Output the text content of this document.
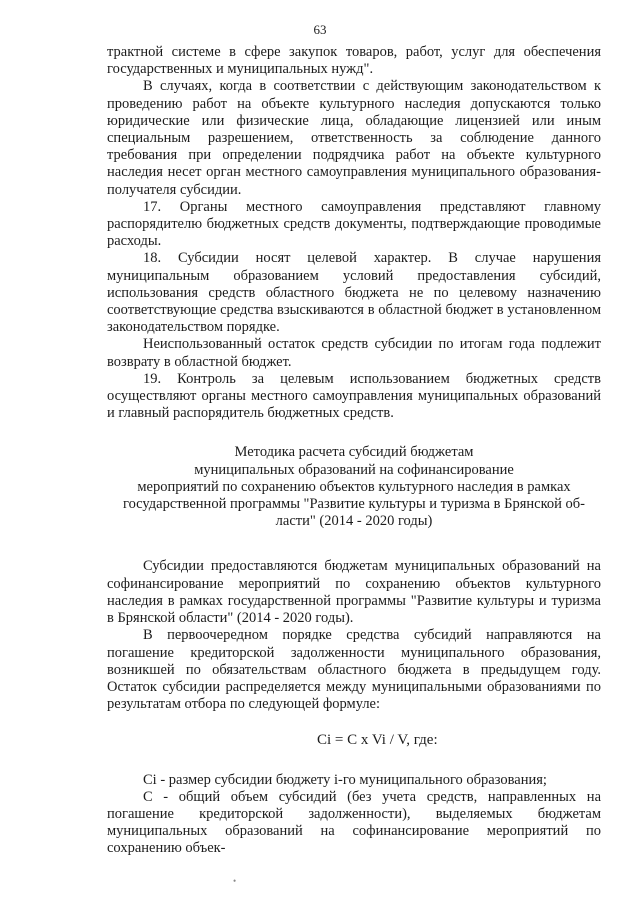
63

трактной системе в сфере закупок товаров, работ, услуг для обеспечения государственных и муниципальных нужд".

В случаях, когда в соответствии с действующим законодательством к проведению работ на объекте культурного наследия допускаются только юридические или физические лица, обладающие лицензией или иным специальным разрешением, ответственность за соблюдение данного требования при определении подрядчика работ на объекте культурного наследия несет орган местного самоуправления муниципального образования-получателя субсидии.

17. Органы местного самоуправления представляют главному распорядителю бюджетных средств документы, подтверждающие проводимые расходы.

18. Субсидии носят целевой характер. В случае нарушения муниципальным образованием условий предоставления субсидий, использования средств областного бюджета не по целевому назначению соответствующие средства взыскиваются в областной бюджет в установленном законодательством порядке.

Неиспользованный остаток средств субсидии по итогам года подлежит возврату в областной бюджет.

19. Контроль за целевым использованием бюджетных средств осуществляют органы местного самоуправления муниципальных образований и главный распорядитель бюджетных средств.

Методика расчета субсидий бюджетам
муниципальных образований на софинансирование
мероприятий по сохранению объектов культурного наследия в рамках
государственной программы "Развитие культуры и туризма в Брянской об-
ласти" (2014 - 2020 годы)

Субсидии предоставляются бюджетам муниципальных образований на софинансирование мероприятий по сохранению объектов культурного наследия в рамках государственной программы "Развитие культуры и туризма в Брянской области" (2014 - 2020 годы).

В первоочередном порядке средства субсидий направляются на погашение кредиторской задолженности муниципального образования, возникшей по обязательствам областного бюджета в предыдущем году. Остаток субсидии распределяется между муниципальными образованиями по результатам отбора по следующей формуле:

Ci = C x Vi / V, где:

Ci - размер субсидии бюджету i-го муниципального образования;

С - общий объем субсидий (без учета средств, направленных на погашение кредиторской задолженности), выделяемых бюджетам муниципальных образований на софинансирование мероприятий по сохранению объек-

•
